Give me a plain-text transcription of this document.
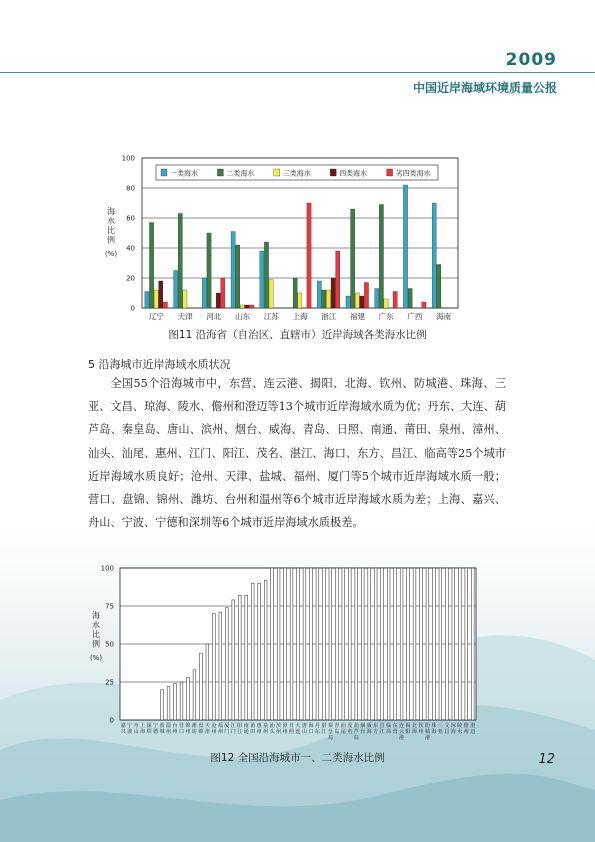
2009
中国近岸海域环境质量公报
0
20
40
60
80
100
海
水
比
例
(%)
辽宁 天津 河北 山东 江苏 上海 浙江 福建 广东 广西 海南
一类海水	二类海水	三类海水	四类海水	劣四类海水
图11 沿海省（自治区、直辖市）近岸海域各类海水比例
5 沿海城市近岸海域水质状况

全国55个沿海城市中，东营、连云港、揭阳、北海、钦州、防城港、珠海、三亚、文昌、琼海、陵水、儋州和澄迈等13个城市近岸海域水质为优；丹东、大连、葫芦岛、秦皇岛、唐山、滨州、烟台、威海、青岛、日照、南通、莆田、泉州、漳州、汕头、汕尾、惠州、江门、阳江、茂名、湛江、海口、东方、昌江、临高等25个城市近岸海域水质良好；沧州、天津、盐城、福州、厦门等5个城市近岸海域水质一般；营口、盘锦、锦州、潍坊、台州和温州等6个城市近岸海域水质为差；上海、嘉兴、舟山、宁波、宁德和深圳等6个城市近岸海域水质极差。

0
25
50
75
100
海
水
比
例
(%)
嘉
兴
宁
波
舟
山
上
海
深
圳
宁
德
盐
城
温
州
台
州
营
口
锦
州
潍
坊
盘
锦
天
津
沧
州
福
州
厦
门
江
门
阳
江
南
通
莆
田
惠
州
泉
州
汕
头
滨
州
漳
州
日
照
大
连
唐
山
海
口
丹
东
湛
江
秦
皇
岛
青
岛
汕
尾
茂
名
葫
芦
岛
烟
台
威
海
东
方
昌
江
临
高
东
营
连
云
港
揭
阳
北
海
钦
州
防
城
港
珠
海
三
亚
文
昌
琼
海
陵
水
儋
州
澄
迈
图12 全国沿海城市一、二类海水比例	12
